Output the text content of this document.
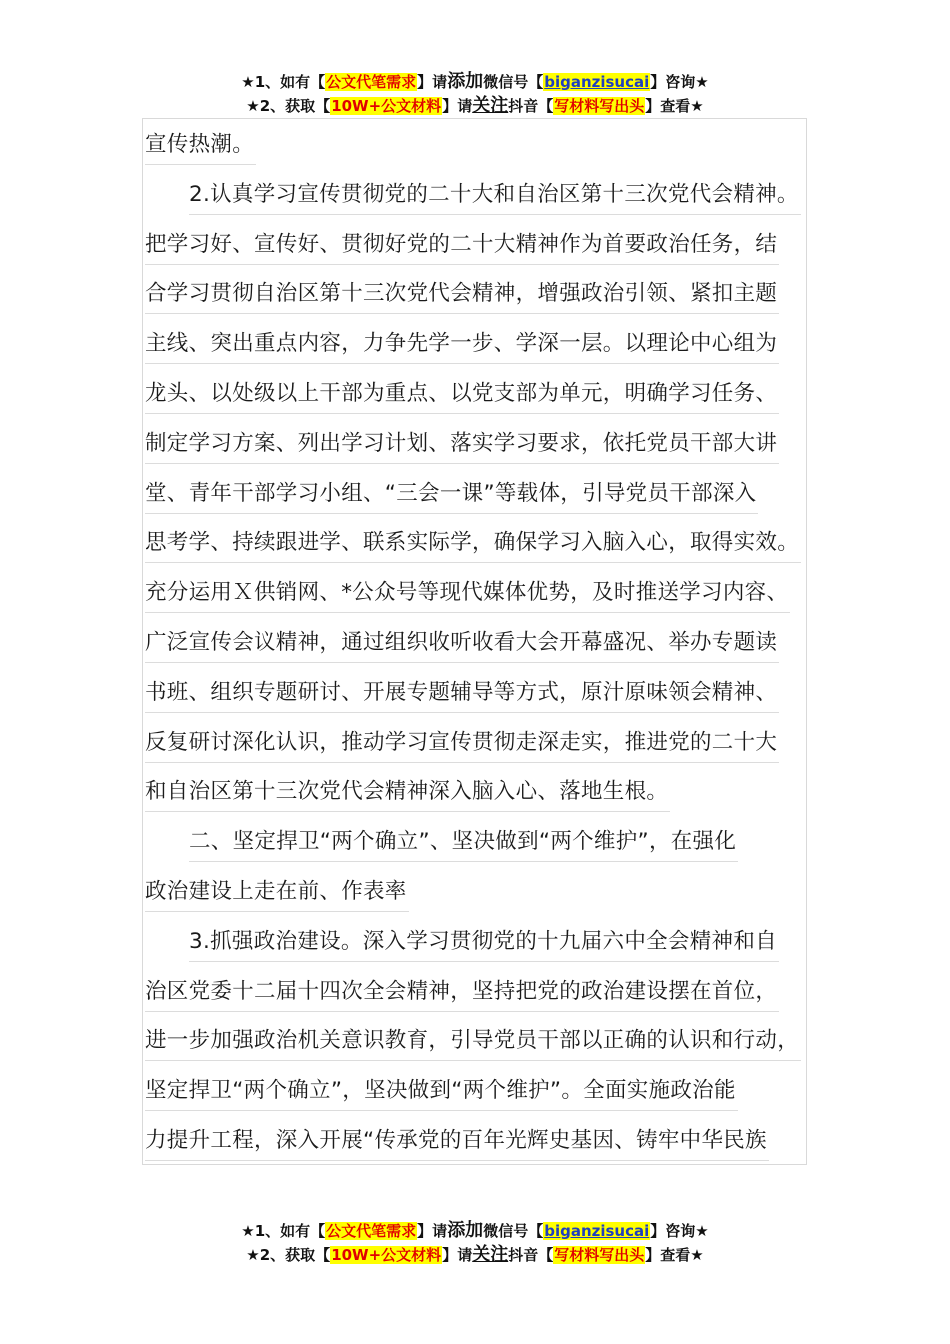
★1、如有【公文代笔需求】请添加微信号【biganzisucai】咨询★
★2、获取【10W+公文材料】请关注抖音【写材料写出头】查看★
宣传热潮。
2.认真学习宣传贯彻党的二十大和自治区第十三次党代会精神。
把学习好、宣传好、贯彻好党的二十大精神作为首要政治任务，结
合学习贯彻自治区第十三次党代会精神，增强政治引领、紧扣主题
主线、突出重点内容，力争先学一步、学深一层。以理论中心组为
龙头、以处级以上干部为重点、以党支部为单元，明确学习任务、
制定学习方案、列出学习计划、落实学习要求，依托党员干部大讲
堂、青年干部学习小组、“三会一课”等载体，引导党员干部深入
思考学、持续跟进学、联系实际学，确保学习入脑入心，取得实效。
充分运用Ｘ供销网、*公众号等现代媒体优势，及时推送学习内容、
广泛宣传会议精神，通过组织收听收看大会开幕盛况、举办专题读
书班、组织专题研讨、开展专题辅导等方式，原汁原味领会精神、
反复研讨深化认识，推动学习宣传贯彻走深走实，推进党的二十大
和自治区第十三次党代会精神深入脑入心、落地生根。
二、坚定捍卫“两个确立”、坚决做到“两个维护”，在强化
政治建设上走在前、作表率
3.抓强政治建设。深入学习贯彻党的十九届六中全会精神和自
治区党委十二届十四次全会精神，坚持把党的政治建设摆在首位，
进一步加强政治机关意识教育，引导党员干部以正确的认识和行动，
坚定捍卫“两个确立”，坚决做到“两个维护”。全面实施政治能
力提升工程，深入开展“传承党的百年光辉史基因、铸牢中华民族
★1、如有【公文代笔需求】请添加微信号【biganzisucai】咨询★
★2、获取【10W+公文材料】请关注抖音【写材料写出头】查看★
